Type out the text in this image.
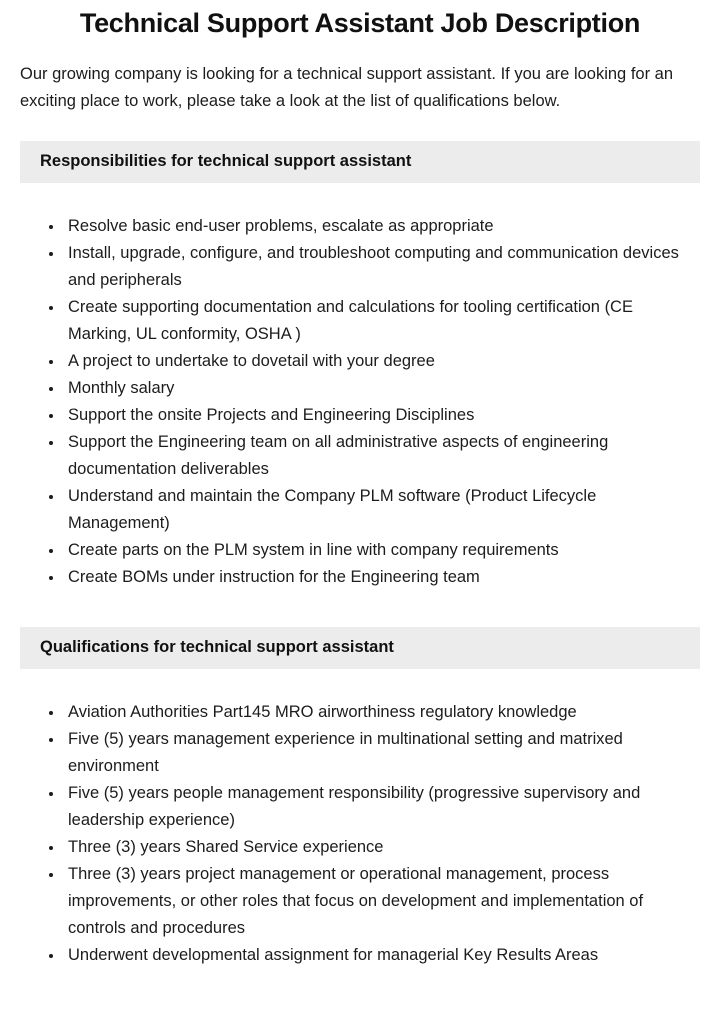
Technical Support Assistant Job Description

Our growing company is looking for a technical support assistant. If you are looking for an exciting place to work, please take a look at the list of qualifications below.

Responsibilities for technical support assistant
• Resolve basic end-user problems, escalate as appropriate
• Install, upgrade, configure, and troubleshoot computing and communication devices and peripherals
• Create supporting documentation and calculations for tooling certification (CE Marking, UL conformity, OSHA )
• A project to undertake to dovetail with your degree
• Monthly salary
• Support the onsite Projects and Engineering Disciplines
• Support the Engineering team on all administrative aspects of engineering documentation deliverables
• Understand and maintain the Company PLM software (Product Lifecycle Management)
• Create parts on the PLM system in line with company requirements
• Create BOMs under instruction for the Engineering team
Qualifications for technical support assistant
• Aviation Authorities Part145 MRO airworthiness regulatory knowledge
• Five (5) years management experience in multinational setting and matrixed environment
• Five (5) years people management responsibility (progressive supervisory and leadership experience)
• Three (3) years Shared Service experience
• Three (3) years project management or operational management, process improvements, or other roles that focus on development and implementation of controls and procedures
• Underwent developmental assignment for managerial Key Results Areas
